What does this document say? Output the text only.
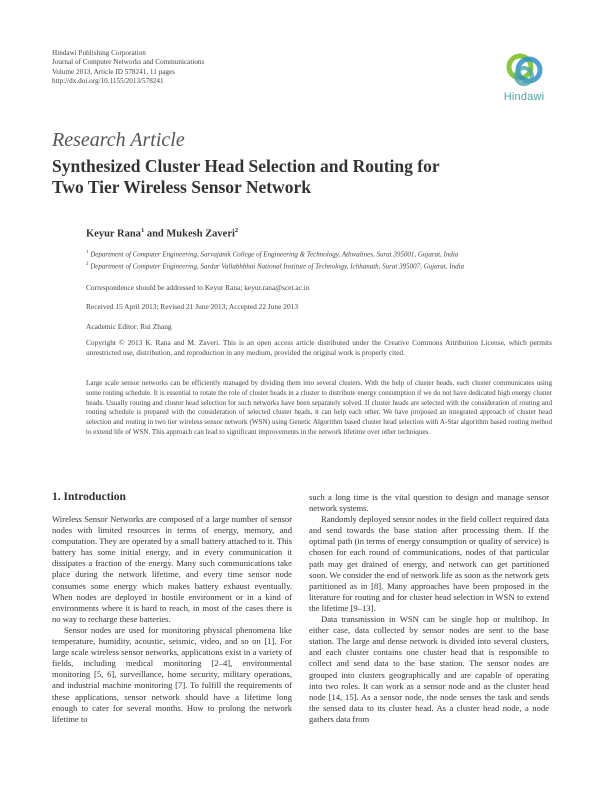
Hindawi Publishing Corporation
Journal of Computer Networks and Communications
Volume 2013, Article ID 578241, 11 pages
http://dx.doi.org/10.1155/2013/578241
Hindawi
Research Article
Synthesized Cluster Head Selection and Routing for
Two Tier Wireless Sensor Network
Keyur Rana$^1$ and Mukesh Zaveri$^2$
$^1$ Department of Computer Engineering, Sarvajanik College of Engineering & Technology, Athwalines, Surat 395001, Gujarat, India
$^2$ Department of Computer Engineering, Sardar Vallabhbhai National Institute of Technology, Ichhanath, Surat 395007, Gujarat, India
Correspondence should be addressed to Keyur Rana; keyur.rana@scet.ac.in
Received 15 April 2013; Revised 21 June 2013; Accepted 22 June 2013
Academic Editor: Rui Zhang
Copyright © 2013 K. Rana and M. Zaveri. This is an open access article distributed under the Creative Commons Attribution License, which permits unrestricted use, distribution, and reproduction in any medium, provided the original work is properly cited.
Large scale sensor networks can be efficiently managed by dividing them into several clusters. With the help of cluster heads, each cluster communicates using some routing schedule. It is essential to rotate the role of cluster heads in a cluster to distribute energy consumption if we do not have dedicated high energy cluster heads. Usually routing and cluster head selection for such networks have been separately solved. If cluster heads are selected with the consideration of routing and routing schedule is prepared with the consideration of selected cluster heads, it can help each other. We have proposed an integrated approach of cluster head selection and routing in two tier wireless sensor network (WSN) using Genetic Algorithm based cluster head selection with A-Star algorithm based routing method to extend life of WSN. This approach can lead to significant improvements in the network lifetime over other techniques.
1. Introduction

Wireless Sensor Networks are composed of a large number of sensor nodes with limited resources in terms of energy, memory, and computation. They are operated by a small battery attached to it. This battery has some initial energy, and in every communication it dissipates a fraction of the energy. Many such communications take place during the network lifetime, and every time sensor node consumes some energy which makes battery exhaust eventually. When nodes are deployed in hostile environment or in a kind of environments where it is hard to reach, in most of the cases there is no way to recharge these batteries.

Sensor nodes are used for monitoring physical phenomena like temperature, humidity, acoustic, seismic, video, and so on [1]. For large scale wireless sensor networks, applications exist in a variety of fields, including medical monitoring [2–4], environmental monitoring [5, 6], surveillance, home security, military operations, and industrial machine monitoring [7]. To fulfill the requirements of these applications, sensor network should have a lifetime long enough to cater for several months. How to prolong the network lifetime to

such a long time is the vital question to design and manage sensor network systems.

Randomly deployed sensor nodes in the field collect required data and send towards the base station after processing them. If the optimal path (in terms of energy consumption or quality of service) is chosen for each round of communications, nodes of that particular path may get drained of energy, and network can get partitioned soon. We consider the end of network life as soon as the network gets partitioned as in [8]. Many approaches have been proposed in the literature for routing and for cluster head selection in WSN to extend the lifetime [9–13].

Data transmission in WSN can be single hop or multihop. In either case, data collected by sensor nodes are sent to the base station. The large and dense network is divided into several clusters, and each cluster contains one cluster head that is responsible to collect and send data to the base station. The sensor nodes are grouped into clusters geographically and are capable of operating into two roles. It can work as a sensor node and as the cluster head node [14, 15]. As a sensor node, the node senses the task and sends the sensed data to its cluster head. As a cluster head node, a node gathers data from
